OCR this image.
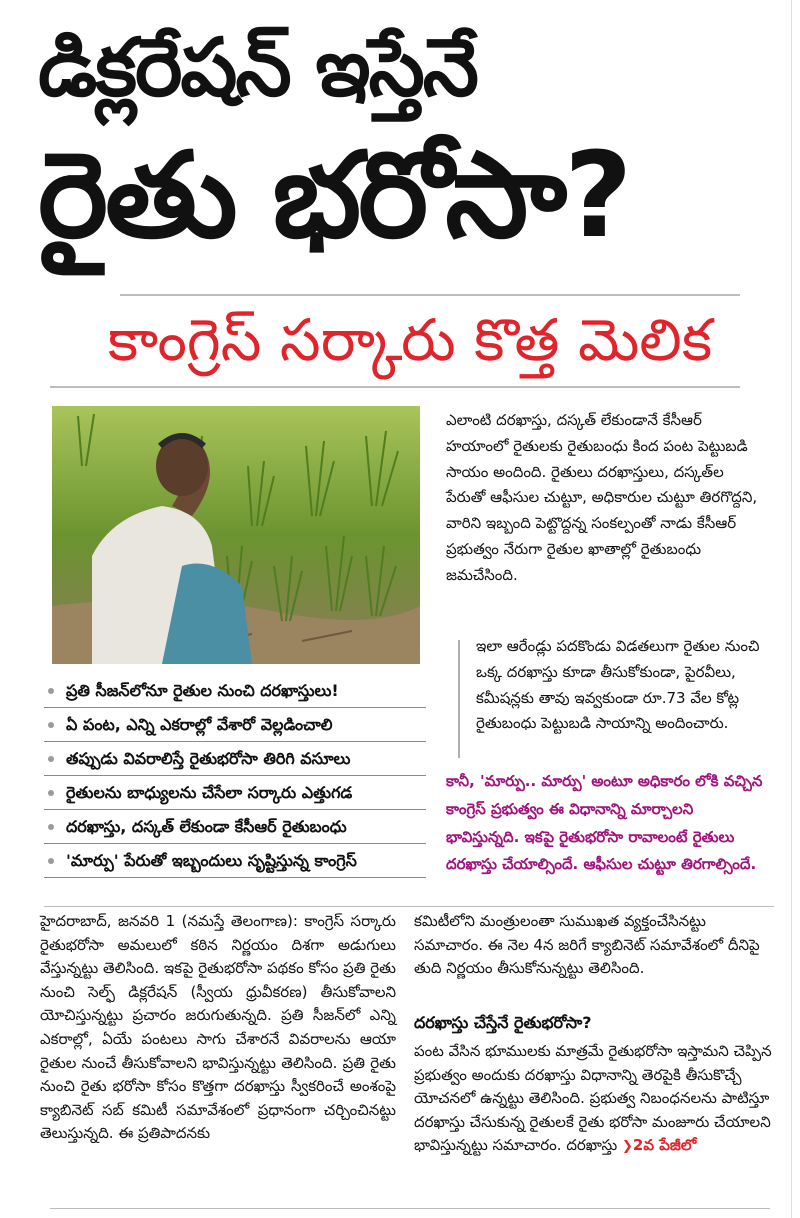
డిక్లరేషన్ ఇస్తేనే
రైతు భరోసా?
కాంగ్రెస్ సర్కారు కొత్త మెలిక
ప్రతి సీజన్‌లోనూ రైతుల నుంచి దరఖాస్తులు!
ఏ పంట, ఎన్ని ఎకరాల్లో వేశారో వెల్లడించాలి
తప్పుడు వివరాలిస్తే రైతుభరోసా తిరిగి వసూలు
రైతులను బాధ్యులను చేసేలా సర్కారు ఎత్తుగడ
దరఖాస్తు, దస్కత్ లేకుండా కేసీఆర్ రైతుబంధు
'మార్పు' పేరుతో ఇబ్బందులు సృష్టిస్తున్న కాంగ్రెస్
ఎలాంటి దరఖాస్తు, దస్కత్ లేకుండానే కేసీఆర్ హయాంలో రైతులకు రైతుబంధు కింద పంట పెట్టుబడి సాయం అందింది. రైతులు దరఖాస్తులు, దస్కత్‌ల పేరుతో ఆఫీసుల చుట్టూ, అధికారుల చుట్టూ తిరగొద్దని, వారిని ఇబ్బంది పెట్టొద్దన్న సంకల్పంతో నాడు కేసీఆర్ ప్రభుత్వం నేరుగా రైతుల ఖాతాల్లో రైతుబంధు జమచేసింది.
ఇలా ఆరేండ్లు పదకొండు విడతలుగా రైతుల నుంచి ఒక్క దరఖాస్తు కూడా తీసుకోకుండా, పైరవీలు, కమీషన్లకు తావు ఇవ్వకుండా రూ.73 వేల కోట్ల రైతుబంధు పెట్టుబడి సాయాన్ని అందించారు.
కానీ, 'మార్పు.. మార్పు' అంటూ అధికారం లోకి వచ్చిన కాంగ్రెస్ ప్రభుత్వం ఈ విధానాన్ని మార్చాలని భావిస్తున్నది. ఇకపై రైతుభరోసా రావాలంటే రైతులు దరఖాస్తు చేయాల్సిందే. ఆఫీసుల చుట్టూ తిరగాల్సిందే.
హైదరాబాద్, జనవరి 1 (నమస్తే తెలంగాణ): కాంగ్రెస్ సర్కారు రైతుభరోసా అమలులో కఠిన నిర్ణయం దిశగా అడుగులు వేస్తున్నట్టు తెలిసింది. ఇకపై రైతుభరోసా పథకం కోసం ప్రతి రైతు నుంచి సెల్ఫ్ డిక్లరేషన్ (స్వీయ ధ్రువీకరణ) తీసుకోవాలని యోచిస్తున్నట్టు ప్రచారం జరుగుతున్నది. ప్రతి సీజన్‌లో ఎన్ని ఎకరాల్లో, ఏయే పంటలు సాగు చేశారనే వివరాలను ఆయా రైతుల నుంచే తీసుకోవాలని భావిస్తున్నట్టు తెలిసింది. ప్రతి రైతు నుంచి రైతు భరోసా కోసం కొత్తగా దరఖాస్తు స్వీకరించే అంశంపై క్యాబినెట్ సబ్ కమిటీ సమావేశంలో ప్రధానంగా చర్చించినట్టు తెలుస్తున్నది. ఈ ప్రతిపాదనకు
కమిటీలోని మంత్రులంతా సుముఖత వ్యక్తంచేసినట్టు సమాచారం. ఈ నెల 4న జరిగే క్యాబినెట్ సమావేశంలో దీనిపై తుది నిర్ణయం తీసుకోనున్నట్టు తెలిసింది.
దరఖాస్తు చేస్తేనే రైతుభరోసా?
పంట వేసిన భూములకు మాత్రమే రైతుభరోసా ఇస్తామని చెప్పిన ప్రభుత్వం అందుకు దరఖాస్తు విధానాన్ని తెరపైకి తీసుకొచ్చే యోచనలో ఉన్నట్టు తెలిసింది. ప్రభుత్వ నిబంధనలను పాటిస్తూ దరఖాస్తు చేసుకున్న రైతులకే రైతు భరోసా మంజూరు చేయాలని భావిస్తున్నట్టు సమాచారం. దరఖాస్తు ❯2వ పేజీలో
